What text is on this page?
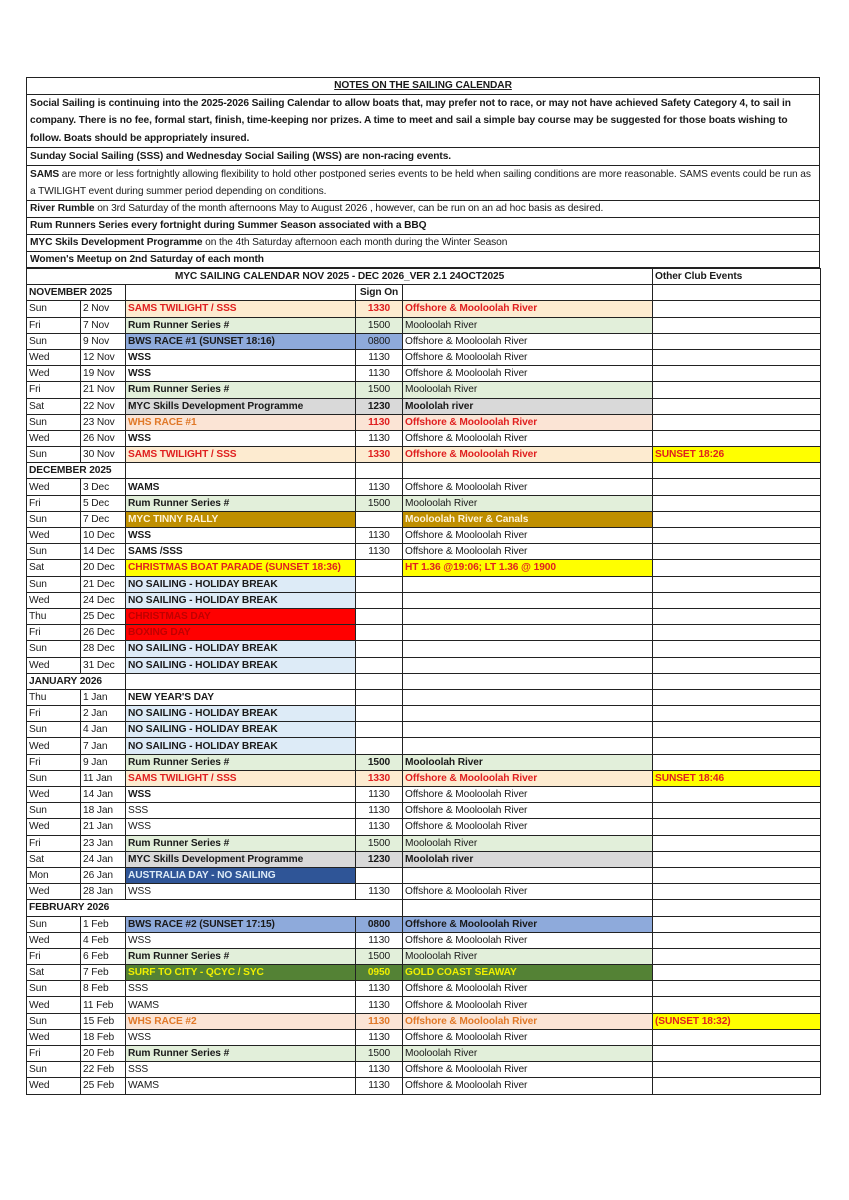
NOTES ON THE SAILING CALENDAR
Social Sailing is continuing into the 2025-2026 Sailing Calendar to allow boats that, may prefer not to race, or may not have achieved Safety Category 4, to sail in company. There is no fee, formal start, finish, time-keeping nor prizes. A time to meet and sail a simple bay course may be suggested for those boats wishing to follow. Boats should be appropriately insured.
Sunday Social Sailing (SSS) and Wednesday Social Sailing (WSS) are non-racing events.
SAMS are more or less fortnightly allowing flexibility to hold other postponed series events to be held when sailing conditions are more reasonable. SAMS events could be run as a TWILIGHT event during summer period depending on conditions.
River Rumble on 3rd Saturday of the month afternoons May to August 2026 , however, can be run on an ad hoc basis as desired.
Rum Runners Series every fortnight during Summer Season associated with a BBQ
MYC Skils Development Programme on the 4th Saturday afternoon each month during the Winter Season
Women's Meetup on 2nd Saturday of each month
MYC SAILING CALENDAR NOV 2025 - DEC 2026_VER 2.1 24OCT2025					Other Club Events
NOVEMBER 2025			Sign On		
Sun	2 Nov	SAMS TWILIGHT / SSS	1330	Offshore & Mooloolah River	
Fri	7 Nov	Rum Runner Series #	1500	Mooloolah River	
Sun	9 Nov	BWS RACE #1 (SUNSET 18:16)	0800	Offshore & Mooloolah River	
Wed	12 Nov	WSS	1130	Offshore & Mooloolah River	
Wed	19 Nov	WSS	1130	Offshore & Mooloolah River	
Fri	21 Nov	Rum Runner Series #	1500	Mooloolah River	
Sat	22 Nov	MYC Skills Development Programme	1230	Moololah river	
Sun	23 Nov	WHS RACE #1	1130	Offshore & Mooloolah River	
Wed	26 Nov	WSS	1130	Offshore & Mooloolah River	
Sun	30 Nov	SAMS TWILIGHT / SSS	1330	Offshore & Mooloolah River	SUNSET 18:26
DECEMBER 2025					
Wed	3 Dec	WAMS	1130	Offshore & Mooloolah River	
Fri	5 Dec	Rum Runner Series #	1500	Mooloolah River	
Sun	7 Dec	MYC TINNY RALLY		Mooloolah River & Canals	
Wed	10 Dec	WSS	1130	Offshore & Mooloolah River	
Sun	14 Dec	SAMS /SSS	1130	Offshore & Mooloolah River	
Sat	20 Dec	CHRISTMAS BOAT PARADE (SUNSET 18:36)		HT 1.36 @19:06; LT 1.36 @ 1900	
Sun	21 Dec	NO SAILING - HOLIDAY BREAK			
Wed	24 Dec	NO SAILING - HOLIDAY BREAK			
Thu	25 Dec	CHRISTMAS DAY			
Fri	26 Dec	BOXING DAY			
Sun	28 Dec	NO SAILING - HOLIDAY BREAK			
Wed	31 Dec	NO SAILING - HOLIDAY BREAK			
JANUARY 2026					
Thu	1 Jan	NEW YEAR'S DAY			
Fri	2 Jan	NO SAILING - HOLIDAY BREAK			
Sun	4 Jan	NO SAILING - HOLIDAY BREAK			
Wed	7 Jan	NO SAILING - HOLIDAY BREAK			
Fri	9 Jan	Rum Runner Series #	1500	Mooloolah River	
Sun	11 Jan	SAMS TWILIGHT / SSS	1330	Offshore & Mooloolah River	SUNSET 18:46
Wed	14 Jan	WSS	1130	Offshore & Mooloolah River	
Sun	18 Jan	SSS	1130	Offshore & Mooloolah River	
Wed	21 Jan	WSS	1130	Offshore & Mooloolah River	
Fri	23 Jan	Rum Runner Series #	1500	Mooloolah River	
Sat	24 Jan	MYC Skills Development Programme	1230	Moololah river	
Mon	26 Jan	AUSTRALIA DAY - NO SAILING			
Wed	28 Jan	WSS	1130	Offshore & Mooloolah River	
FEBRUARY 2026					
Sun	1 Feb	BWS RACE #2 (SUNSET 17:15)	0800	Offshore & Mooloolah River	
Wed	4 Feb	WSS	1130	Offshore & Mooloolah River	
Fri	6 Feb	Rum Runner Series #	1500	Mooloolah River	
Sat	7 Feb	SURF TO CITY - QCYC / SYC	0950	GOLD COAST SEAWAY	
Sun	8 Feb	SSS	1130	Offshore & Mooloolah River	
Wed	11 Feb	WAMS	1130	Offshore & Mooloolah River	
Sun	15 Feb	WHS RACE #2	1130	Offshore & Mooloolah River	(SUNSET 18:32)
Wed	18 Feb	WSS	1130	Offshore & Mooloolah River	
Fri	20 Feb	Rum Runner Series #	1500	Mooloolah River	
Sun	22 Feb	SSS	1130	Offshore & Mooloolah River	
Wed	25 Feb	WAMS	1130	Offshore & Mooloolah River	
